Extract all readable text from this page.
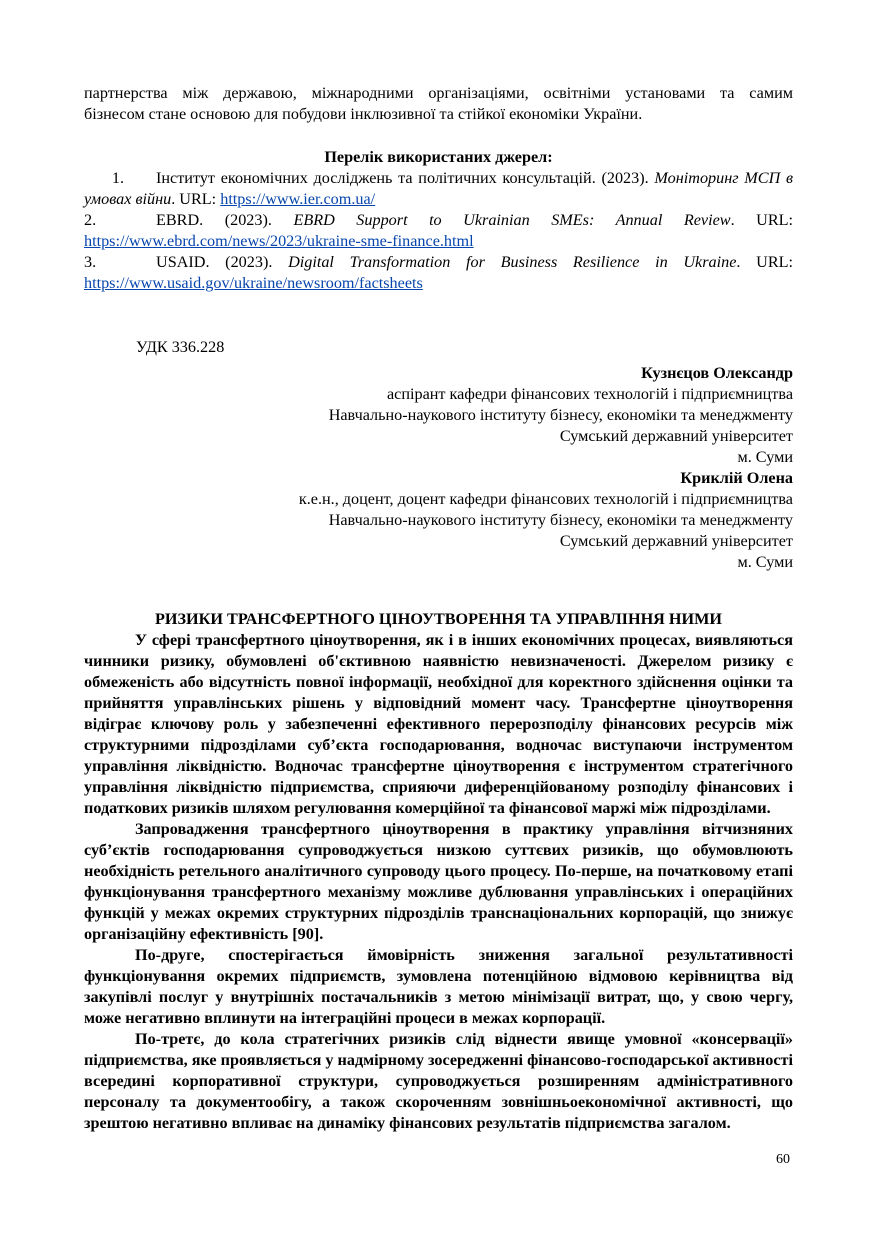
партнерства між державою, міжнародними організаціями, освітніми установами та самим

бізнесом стане основою для побудови інклюзивної та стійкої економіки України.

Перелік використаних джерел:
1. Інститут економічних досліджень та політичних консультацій. (2023). Моніторинг МСП в умовах війни. URL: https://www.ier.com.ua/
2.	EBRD. (2023). EBRD Support to Ukrainian SMEs: Annual Review. URL:
https://www.ebrd.com/news/2023/ukraine-sme-finance.html
3.	USAID. (2023). Digital Transformation for Business Resilience in Ukraine. URL:
https://www.usaid.gov/ukraine/newsroom/factsheets
УДК 336.228
Кузнєцов Олександр
аспірант кафедри фінансових технологій і підприємництва
Навчально-наукового інституту бізнесу, економіки та менеджменту
Сумський державний університет
м. Суми
Криклій Олена
к.е.н., доцент, доцент кафедри фінансових технологій і підприємництва
Навчально-наукового інституту бізнесу, економіки та менеджменту
Сумський державний університет
м. Суми
РИЗИКИ ТРАНСФЕРТНОГО ЦІНОУТВОРЕННЯ ТА УПРАВЛІННЯ НИМИ

У сфері трансфертного ціноутворення, як і в інших економічних процесах, виявляються чинники ризику, обумовлені об'єктивною наявністю невизначеності. Джерелом ризику є обмеженість або відсутність повної інформації, необхідної для коректного здійснення оцінки та прийняття управлінських рішень у відповідний момент часу. Трансфертне ціноутворення відіграє ключову роль у забезпеченні ефективного перерозподілу фінансових ресурсів між структурними підрозділами суб’єкта господарювання, водночас виступаючи інструментом управління ліквідністю. Водночас трансфертне ціноутворення є інструментом стратегічного управління ліквідністю підприємства, сприяючи диференційованому розподілу фінансових і податкових ризиків шляхом регулювання комерційної та фінансової маржі між підрозділами.

Запровадження трансфертного ціноутворення в практику управління вітчизняних суб’єктів господарювання супроводжується низкою суттєвих ризиків, що обумовлюють необхідність ретельного аналітичного супроводу цього процесу. По-перше, на початковому етапі функціонування трансфертного механізму можливе дублювання управлінських і операційних функцій у межах окремих структурних підрозділів транснаціональних корпорацій, що знижує організаційну ефективність [90].

По-друге, спостерігається ймовірність зниження загальної результативності функціонування окремих підприємств, зумовлена потенційною відмовою керівництва від закупівлі послуг у внутрішніх постачальників з метою мінімізації витрат, що, у свою чергу, може негативно вплинути на інтеграційні процеси в межах корпорації.

По-третє, до кола стратегічних ризиків слід віднести явище умовної «консервації» підприємства, яке проявляється у надмірному зосередженні фінансово-господарської активності всередині корпоративної структури, супроводжується розширенням адміністративного персоналу та документообігу, а також скороченням зовнішньоекономічної активності, що зрештою негативно впливає на динаміку фінансових результатів підприємства загалом.

60
